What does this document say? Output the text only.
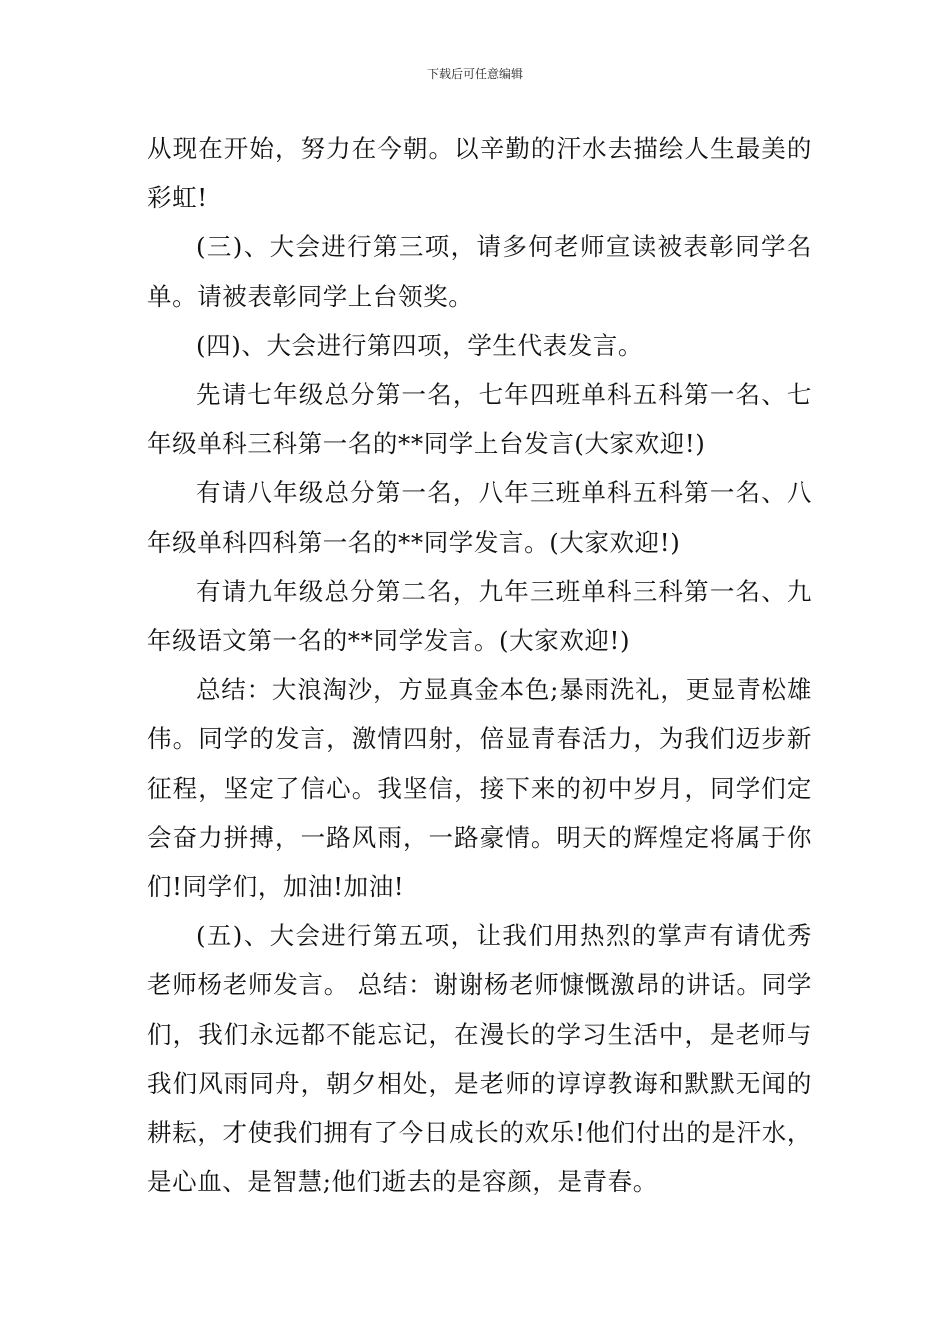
下载后可任意编辑

从现在开始，努力在今朝。以辛勤的汗水去描绘人生最美的彩虹!

(三)、大会进行第三项，请多何老师宣读被表彰同学名单。请被表彰同学上台领奖。

(四)、大会进行第四项，学生代表发言。

先请七年级总分第一名，七年四班单科五科第一名、七年级单科三科第一名的**同学上台发言(大家欢迎!)

有请八年级总分第一名，八年三班单科五科第一名、八年级单科四科第一名的**同学发言。(大家欢迎!)

有请九年级总分第二名，九年三班单科三科第一名、九年级语文第一名的**同学发言。(大家欢迎!)

总结：大浪淘沙，方显真金本色;暴雨洗礼，更显青松雄伟。同学的发言，激情四射，倍显青春活力，为我们迈步新征程，坚定了信心。我坚信，接下来的初中岁月，同学们定会奋力拼搏，一路风雨，一路豪情。明天的辉煌定将属于你们!同学们，加油!加油!

(五)、大会进行第五项，让我们用热烈的掌声有请优秀老师杨老师发言。 总结：谢谢杨老师慷慨激昂的讲话。同学们，我们永远都不能忘记，在漫长的学习生活中，是老师与我们风雨同舟，朝夕相处，是老师的谆谆教诲和默默无闻的耕耘，才使我们拥有了今日成长的欢乐!他们付出的是汗水，是心血、是智慧;他们逝去的是容颜，是青春。
